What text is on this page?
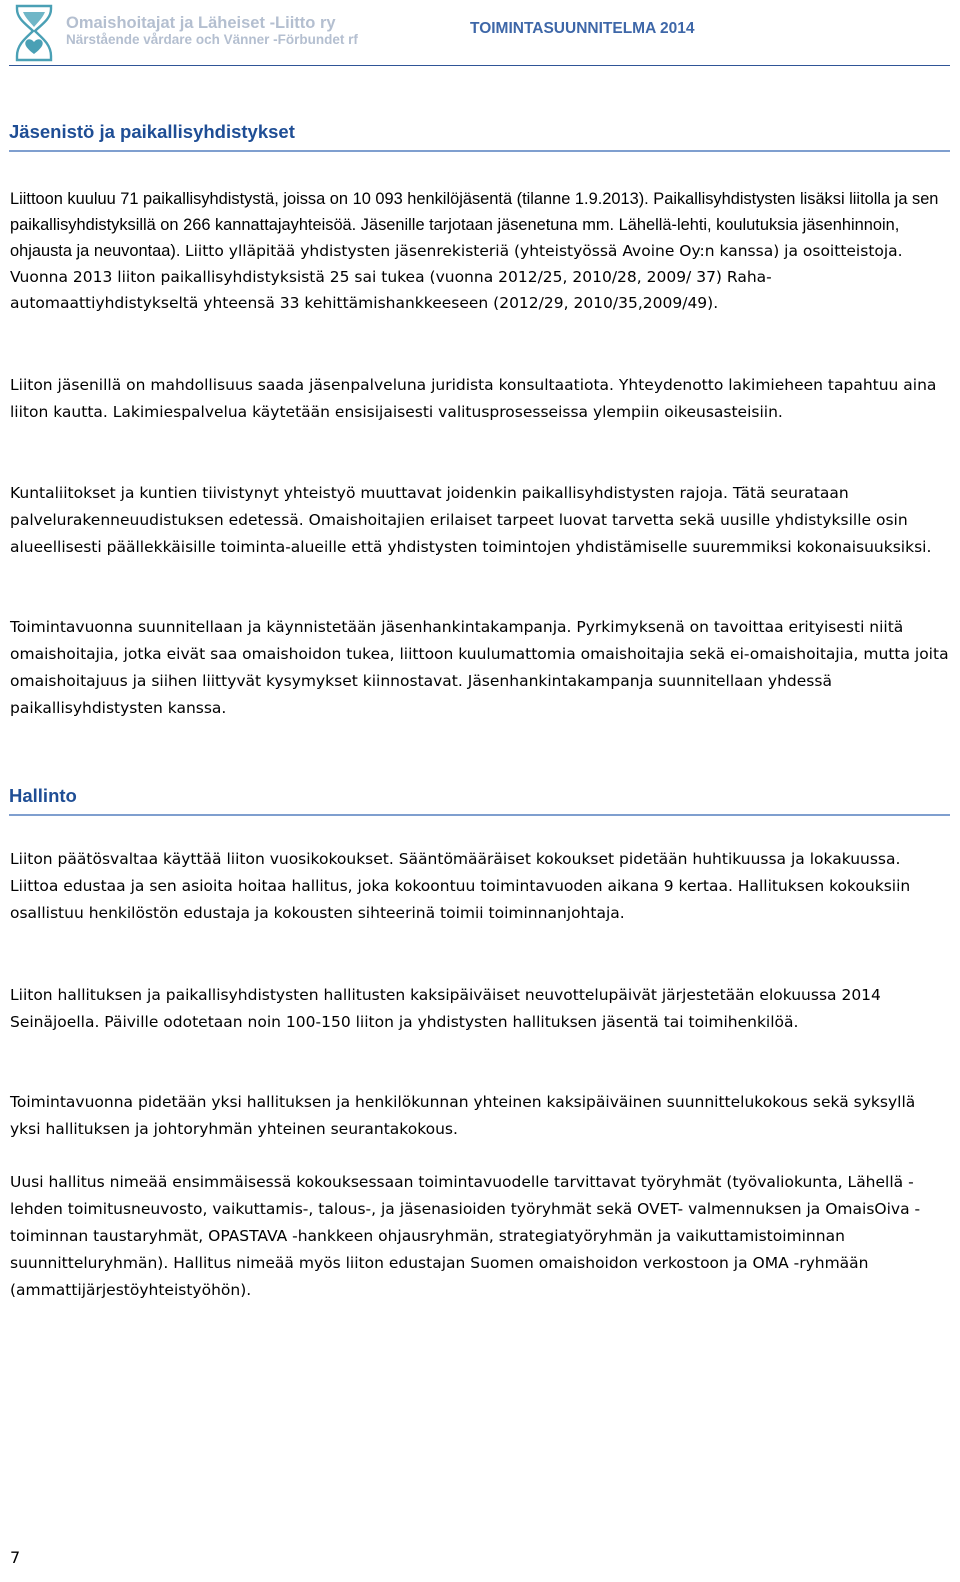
Omaishoitajat ja Läheiset -Liitto ry
Närstående vårdare och Vänner -Förbundet rf
TOIMINTASUUNNITELMA 2014
Jäsenistö ja paikallisyhdistykset

Liittoon kuuluu 71 paikallisyhdistystä, joissa on 10 093 henkilöjäsentä (tilanne 1.9.2013). Paikallisyhdistysten lisäksi liitolla ja sen paikallisyhdistyksillä on 266 kannattajayhteisöä. Jäsenille tarjotaan jäsenetuna mm. Lähellä-lehti, koulutuksia jäsenhinnoin, ohjausta ja neuvontaa). Liitto ylläpitää yhdistysten jäsenrekisteriä (yhteistyössä Avoine Oy:n kanssa) ja osoitteistoja. Vuonna 2013 liiton paikallisyhdistyksistä 25 sai tukea (vuonna 2012/25, 2010/28, 2009/ 37) Raha-automaattiyhdistykseltä yhteensä 33 kehittämishankkeeseen (2012/29, 2010/35,2009/49).

Liiton jäsenillä on mahdollisuus saada jäsenpalveluna juridista konsultaatiota. Yhteydenotto lakimieheen tapahtuu aina liiton kautta. Lakimiespalvelua käytetään ensisijaisesti valitusprosesseissa ylempiin oikeusasteisiin.

Kuntaliitokset ja kuntien tiivistynyt yhteistyö muuttavat joidenkin paikallisyhdistysten rajoja. Tätä seurataan palvelurakenneuudistuksen edetessä. Omaishoitajien erilaiset tarpeet luovat tarvetta sekä uusille yhdistyksille osin alueellisesti päällekkäisille toiminta-alueille että yhdistysten toimintojen yhdistämiselle suuremmiksi kokonaisuuksiksi.

Toimintavuonna suunnitellaan ja käynnistetään jäsenhankintakampanja. Pyrkimyksenä on tavoittaa erityisesti niitä omaishoitajia, jotka eivät saa omaishoidon tukea, liittoon kuulumattomia omaishoitajia sekä ei-omaishoitajia, mutta joita omaishoitajuus ja siihen liittyvät kysymykset kiinnostavat. Jäsenhankintakampanja suunnitellaan yhdessä paikallisyhdistysten kanssa.

Hallinto

Liiton päätösvaltaa käyttää liiton vuosikokoukset. Sääntömääräiset kokoukset pidetään huhtikuussa ja lokakuussa. Liittoa edustaa ja sen asioita hoitaa hallitus, joka kokoontuu toimintavuoden aikana 9 kertaa. Hallituksen kokouksiin osallistuu henkilöstön edustaja ja kokousten sihteerinä toimii toiminnanjohtaja.

Liiton hallituksen ja paikallisyhdistysten hallitusten kaksipäiväiset neuvottelupäivät järjestetään elokuussa 2014 Seinäjoella. Päiville odotetaan noin 100-150 liiton ja yhdistysten hallituksen jäsentä tai toimihenkilöä.

Toimintavuonna pidetään yksi hallituksen ja henkilökunnan yhteinen kaksipäiväinen suunnittelukokous sekä syksyllä yksi hallituksen ja johtoryhmän yhteinen seurantakokous.

Uusi hallitus nimeää ensimmäisessä kokouksessaan toimintavuodelle tarvittavat työryhmät (työvaliokunta, Lähellä -lehden toimitusneuvosto, vaikuttamis-, talous-, ja jäsenasioiden työryhmät sekä OVET- valmennuksen ja OmaisOiva -toiminnan taustaryhmät, OPASTAVA -hankkeen ohjausryhmän, strategiatyöryhmän ja vaikuttamistoiminnan suunnitteluryhmän). Hallitus nimeää myös liiton edustajan Suomen omaishoidon verkostoon ja OMA -ryhmään (ammattijärjestöyhteistyöhön).

7
